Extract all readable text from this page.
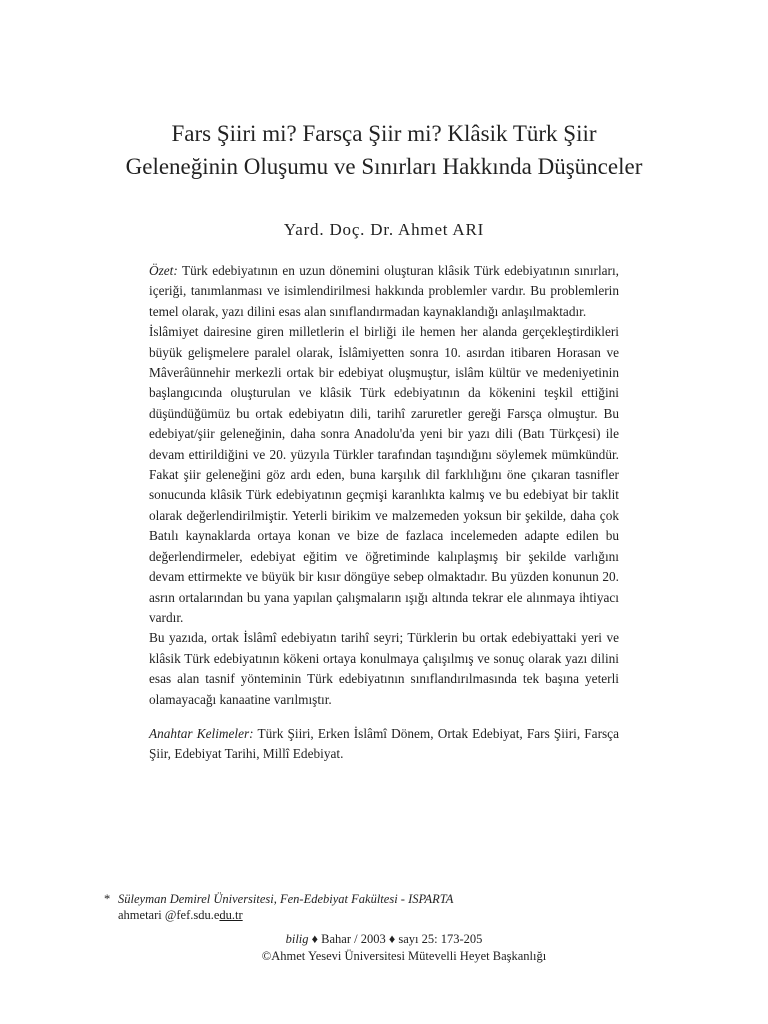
Fars Şiiri mi? Farsça Şiir mi? Klâsik Türk Şiir
Geleneğinin Oluşumu ve Sınırları Hakkında Düşünceler
Yard. Doç. Dr. Ahmet ARI

Özet: Türk edebiyatının en uzun dönemini oluşturan klâsik Türk edebiyatının sınırları, içeriği, tanımlanması ve isimlendirilmesi hakkında problemler vardır. Bu problemlerin temel olarak, yazı dilini esas alan sınıflandırmadan kaynaklandığı anlaşılmaktadır.

İslâmiyet dairesine giren milletlerin el birliği ile hemen her alanda gerçekleştirdikleri büyük gelişmelere paralel olarak, İslâmiyetten sonra 10. asırdan itibaren Horasan ve Mâverâünnehir merkezli ortak bir edebiyat oluşmuştur, islâm kültür ve medeniyetinin başlangıcında oluşturulan ve klâsik Türk edebiyatının da kökenini teşkil ettiğini düşündüğümüz bu ortak edebiyatın dili, tarihî zaruretler gereği Farsça olmuştur. Bu edebiyat/şiir geleneğinin, daha sonra Anadolu'da yeni bir yazı dili (Batı Türkçesi) ile devam ettirildiğini ve 20. yüzyıla Türkler tarafından taşındığını söylemek mümkündür. Fakat şiir geleneğini göz ardı eden, buna karşılık dil farklılığını öne çıkaran tasnifler sonucunda klâsik Türk edebiyatının geçmişi karanlıkta kalmış ve bu edebiyat bir taklit olarak değerlendirilmiştir. Yeterli birikim ve malzemeden yoksun bir şekilde, daha çok Batılı kaynaklarda ortaya konan ve bize de fazlaca incelemeden adapte edilen bu değerlendirmeler, edebiyat eğitim ve öğretiminde kalıplaşmış bir şekilde varlığını devam ettirmekte ve büyük bir kısır döngüye sebep olmaktadır. Bu yüzden konunun 20. asrın ortalarından bu yana yapılan çalışmaların ışığı altında tekrar ele alınmaya ihtiyacı vardır.

Bu yazıda, ortak İslâmî edebiyatın tarihî seyri; Türklerin bu ortak edebiyattaki yeri ve klâsik Türk edebiyatının kökeni ortaya konulmaya çalışılmış ve sonuç olarak yazı dilini esas alan tasnif yönteminin Türk edebiyatının sınıflandırılmasında tek başına yeterli olamayacağı kanaatine varılmıştır.

Anahtar Kelimeler: Türk Şiiri, Erken İslâmî Dönem, Ortak Edebiyat, Fars Şiiri, Farsça Şiir, Edebiyat Tarihi, Millî Edebiyat.

* Süleyman Demirel Üniversitesi, Fen-Edebiyat Fakültesi - ISPARTA
ahmetari @fef.sdu.edu.tr
bilig ♦ Bahar / 2003 ♦ sayı 25: 173-205
©Ahmet Yesevi Üniversitesi Mütevelli Heyet Başkanlığı
